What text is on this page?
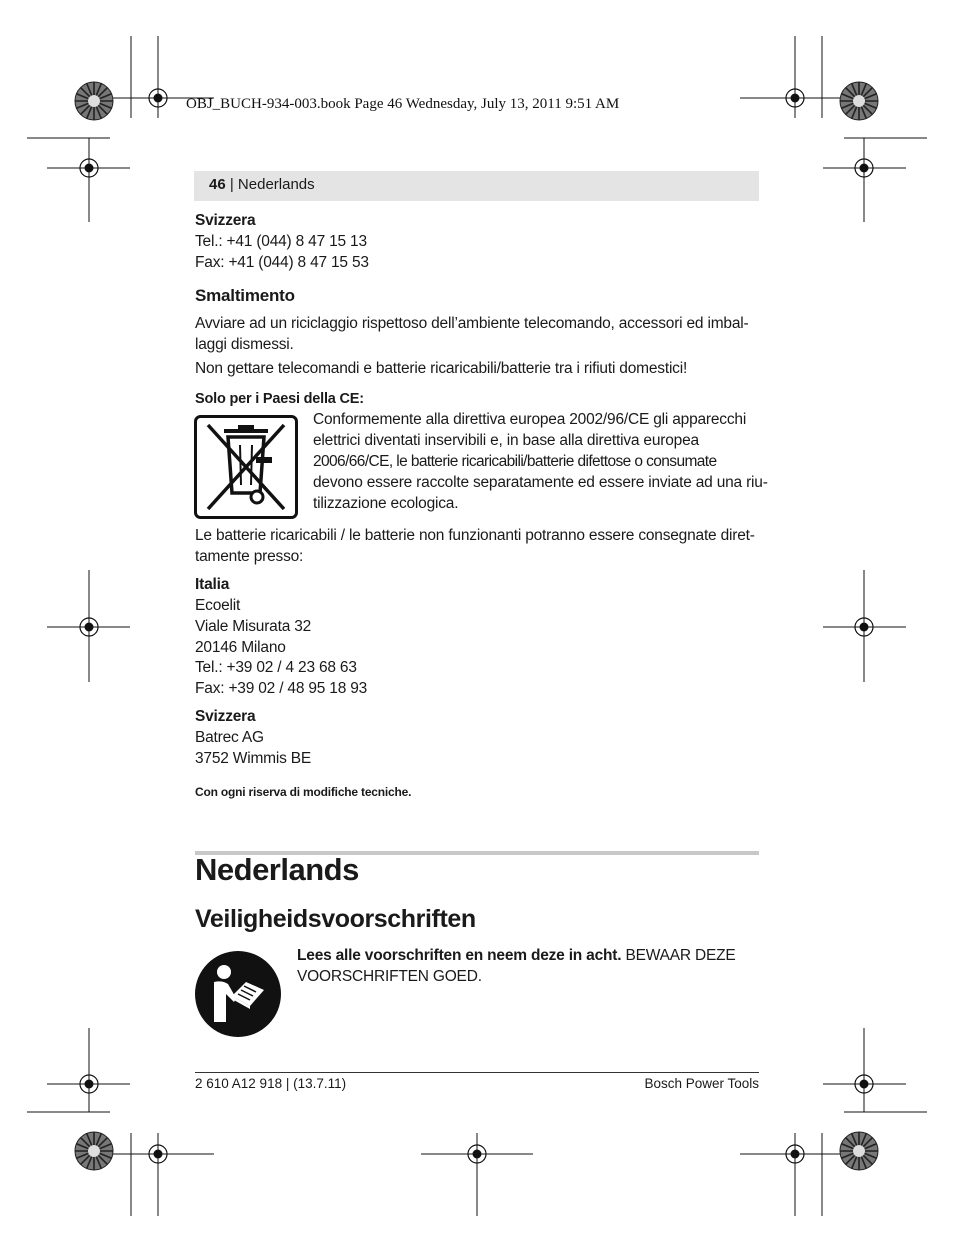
OBJ_BUCH-934-003.book Page 46 Wednesday, July 13, 2011 9:51 AM
46 | Nederlands
Svizzera
Tel.: +41 (044) 8 47 15 13
Fax: +41 (044) 8 47 15 53
Smaltimento
Avviare ad un riciclaggio rispettoso dell’ambiente telecomando, accessori ed imbal-
laggi dismessi.
Non gettare telecomandi e batterie ricaricabili/batterie tra i rifiuti domestici!
Solo per i Paesi della CE:
Conformemente alla direttiva europea 2002/96/CE gli apparecchi
elettrici diventati inservibili e, in base alla direttiva europea
2006/66/CE, le batterie ricaricabili/batterie difettose o consumate
devono essere raccolte separatamente ed essere inviate ad una riu-
tilizzazione ecologica.
Le batterie ricaricabili / le batterie non funzionanti potranno essere consegnate diret-
tamente presso:
Italia
Ecoelit
Viale Misurata 32
20146 Milano
Tel.: +39 02 / 4 23 68 63
Fax: +39 02 / 48 95 18 93
Svizzera
Batrec AG
3752 Wimmis BE
Con ogni riserva di modifiche tecniche.
Nederlands
Veiligheidsvoorschriften
Lees alle voorschriften en neem deze in acht. BEWAAR DEZE
VOORSCHRIFTEN GOED.
2 610 A12 918 | (13.7.11)	Bosch Power Tools
